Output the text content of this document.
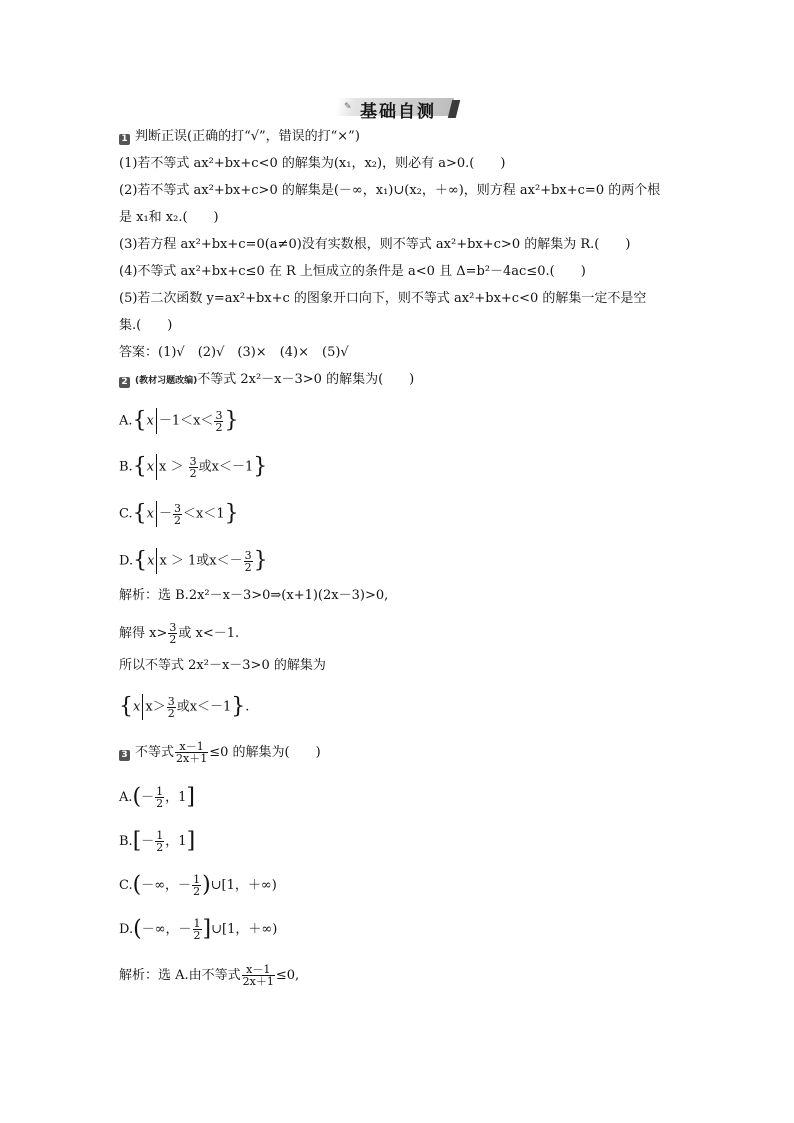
✎ 基础自测
1 判断正误(正确的打“√”，错误的打“×”)
(1)若不等式 ax²+bx+c<0 的解集为(x₁，x₂)，则必有 a>0.(　　)
(2)若不等式 ax²+bx+c>0 的解集是(－∞，x₁)∪(x₂，＋∞)，则方程 ax²+bx+c=0 的两个根
是 x₁和 x₂.(　　)
(3)若方程 ax²+bx+c=0(a≠0)没有实数根，则不等式 ax²+bx+c>0 的解集为 R.(　　)
(4)不等式 ax²+bx+c≤0 在 R 上恒成立的条件是 a<0 且 Δ=b²－4ac≤0.(　　)
(5)若二次函数 y=ax²+bx+c 的图象开口向下，则不等式 ax²+bx+c<0 的解集一定不是空
集.(　　)
答案：(1)√　(2)√　(3)×　(4)×　(5)√
2 (教材习题改编)不等式 2x²－x－3>0 的解集为(　　)
$A.\{x -1<x< \frac{3}{2}$ }
B.{x $x > \frac{3}{2}$ 或x＜－1}
$C.\{x - \frac{3}{2} <x<1\}$
D.{x x ＞ 1或$x<- \frac{3}{2}$ }
解析：选 B.2x²－x－3>0⇒(x+1)(2x－3)>0,
解得 $x> \frac{3}{2}$ 或 x<－1.
所以不等式 2x²－x－3>0 的解集为
{x $x> \frac{3}{2}$ 或x＜－1}.
3 不等式 $\frac{x-1}{2x+1} \le 0$ 的解集为(　　)
$A.(- \frac{1}{2}$ ，1]
$B.[- \frac{1}{2}$ ，1]
C.(－∞，－ $\frac{1}{2}$ )∪[1，＋∞)
D.(－∞，－ $\frac{1}{2}$ ]∪[1，＋∞)
解析：选 A.由不等式 $\frac{x-1}{2x+1} \le 0$,
